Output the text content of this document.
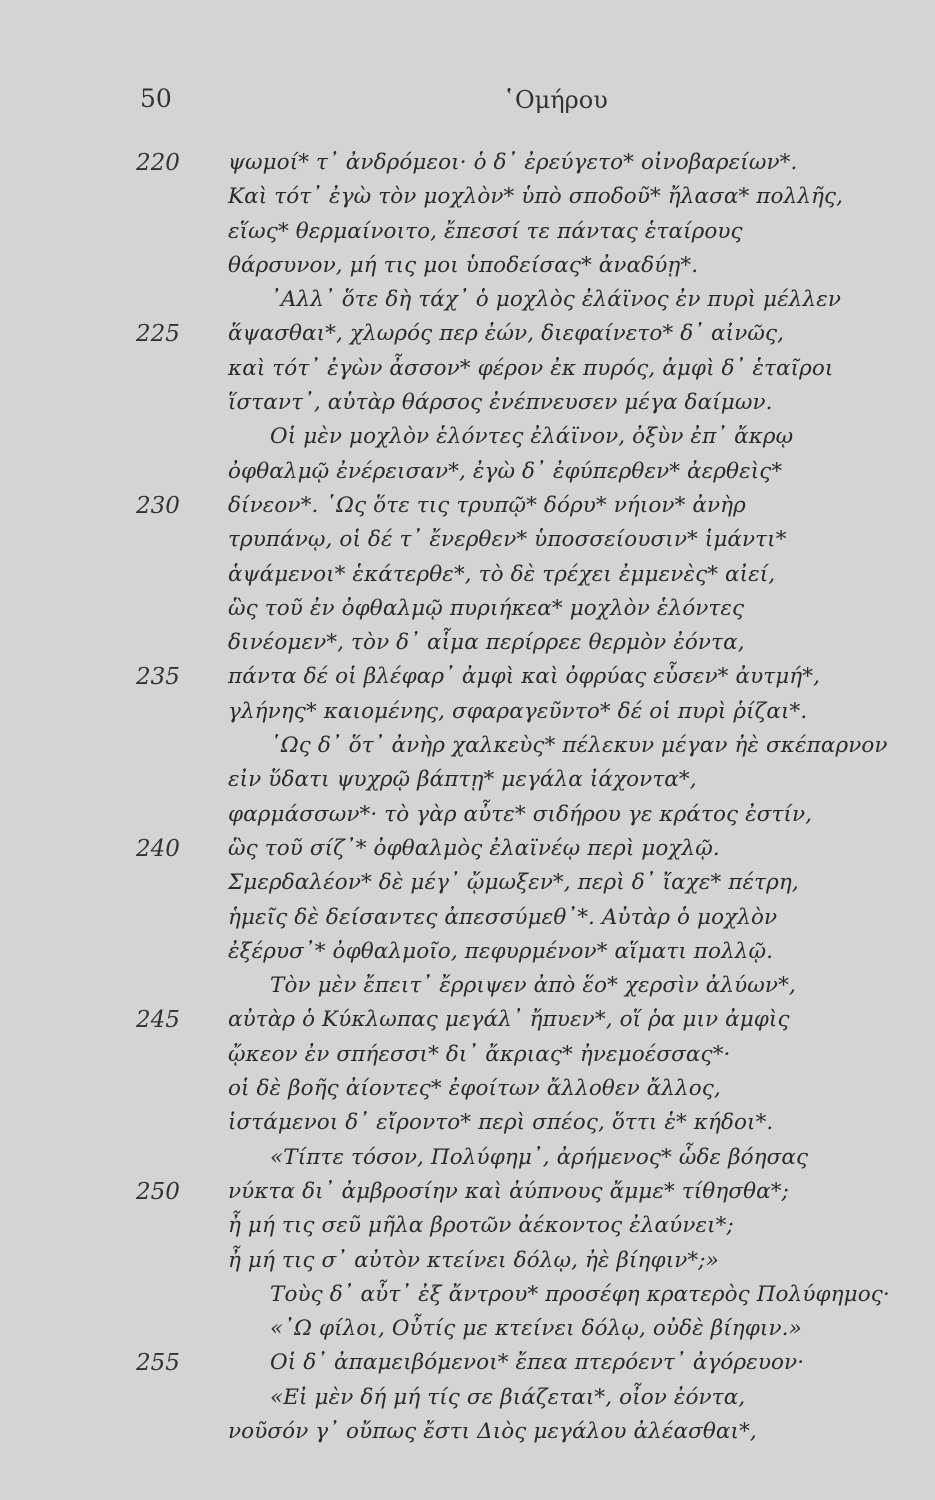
50	῾Ομήρου
220 ψωμοί* τ᾽ ἀνδρόμεοι· ὁ δ᾽ ἐρεύγετο* οἰνοβαρείων*.
Καὶ τότ᾽ ἐγὼ τὸν μοχλὸν* ὑπὸ σποδοῦ* ἤλασα* πολλῆς,
εἵως* θερμαίνοιτο, ἔπεσσί τε πάντας ἑταίρους
θάρσυνον, μή τις μοι ὑποδείσας* ἀναδύῃ*.
᾽Αλλ᾽ ὅτε δὴ τάχ᾽ ὁ μοχλὸς ἐλάϊνος ἐν πυρὶ μέλλεν
225 ἅψασθαι*, χλωρός περ ἐών, διεφαίνετο* δ᾽ αἰνῶς,
καὶ τότ᾽ ἐγὼν ἆσσον* φέρον ἐκ πυρός, ἀμφὶ δ᾽ ἑταῖροι
ἵσταντ᾽, αὐτὰρ θάρσος ἐνέπνευσεν μέγα δαίμων.
Οἱ μὲν μοχλὸν ἑλόντες ἐλάϊνον, ὀξὺν ἐπ᾽ ἄκρῳ
ὀφθαλμῷ ἐνέρεισαν*, ἐγὼ δ᾽ ἐφύπερθεν* ἀερθεὶς*
230 δίνεον*. ῾Ως ὅτε τις τρυπῷ* δόρυ* νήιον* ἀνὴρ
τρυπάνῳ, οἱ δέ τ᾽ ἔνερθεν* ὑποσσείουσιν* ἱμάντι*
ἁψάμενοι* ἑκάτερθε*, τὸ δὲ τρέχει ἐμμενὲς* αἰεί,
ὣς τοῦ ἐν ὀφθαλμῷ πυριήκεα* μοχλὸν ἑλόντες
δινέομεν*, τὸν δ᾽ αἷμα περίρρεε θερμὸν ἐόντα,
235 πάντα δέ οἱ βλέφαρ᾽ ἀμφὶ καὶ ὀφρύας εὗσεν* ἀυτμή*,
γλήνης* καιομένης, σφαραγεῦντο* δέ οἱ πυρὶ ῥίζαι*.
῾Ως δ᾽ ὅτ᾽ ἀνὴρ χαλκεὺς* πέλεκυν μέγαν ἠὲ σκέπαρνον
εἰν ὕδατι ψυχρῷ βάπτῃ* μεγάλα ἰάχοντα*,
φαρμάσσων*· τὸ γὰρ αὖτε* σιδήρου γε κράτος ἐστίν,
240 ὣς τοῦ σίζ᾽* ὀφθαλμὸς ἐλαϊνέῳ περὶ μοχλῷ.
Σμερδαλέον* δὲ μέγ᾽ ᾤμωξεν*, περὶ δ᾽ ἴαχε* πέτρη,
ἡμεῖς δὲ δείσαντες ἀπεσσύμεθ᾽*. Αὐτὰρ ὁ μοχλὸν
ἐξέρυσ᾽* ὀφθαλμοῖο, πεφυρμένον* αἵματι πολλῷ.
Τὸν μὲν ἔπειτ᾽ ἔρριψεν ἀπὸ ἕο* χερσὶν ἀλύων*,
245 αὐτὰρ ὁ Κύκλωπας μεγάλ᾽ ἤπυεν*, οἵ ῥα μιν ἀμφὶς
ᾤκεον ἐν σπήεσσι* δι᾽ ἄκριας* ἠνεμοέσσας*·
οἱ δὲ βοῆς ἀίοντες* ἐφοίτων ἄλλοθεν ἄλλος,
ἱστάμενοι δ᾽ εἴροντο* περὶ σπέος, ὅττι ἑ* κήδοι*.
«Τίπτε τόσον, Πολύφημ᾽, ἀρήμενος* ὧδε βόησας
250 νύκτα δι᾽ ἀμβροσίην καὶ ἀύπνους ἄμμε* τίθησθα*;
ἦ μή τις σεῦ μῆλα βροτῶν ἀέκοντος ἐλαύνει*;
ἦ μή τις σ᾽ αὐτὸν κτείνει δόλῳ, ἠὲ βίηφιν*;»
Τοὺς δ᾽ αὖτ᾽ ἐξ ἄντρου* προσέφη κρατερὸς Πολύφημος·
«᾽Ω φίλοι, Οὖτίς με κτείνει δόλῳ, οὐδὲ βίηφιν.»
255	Οἱ δ᾽ ἀπαμειβόμενοι* ἔπεα πτερόεντ᾽ ἀγόρευον·
«Εἰ μὲν δή μή τίς σε βιάζεται*, οἶον ἐόντα,
νοῦσόν γ᾽ οὔπως ἔστι Διὸς μεγάλου ἀλέασθαι*,
